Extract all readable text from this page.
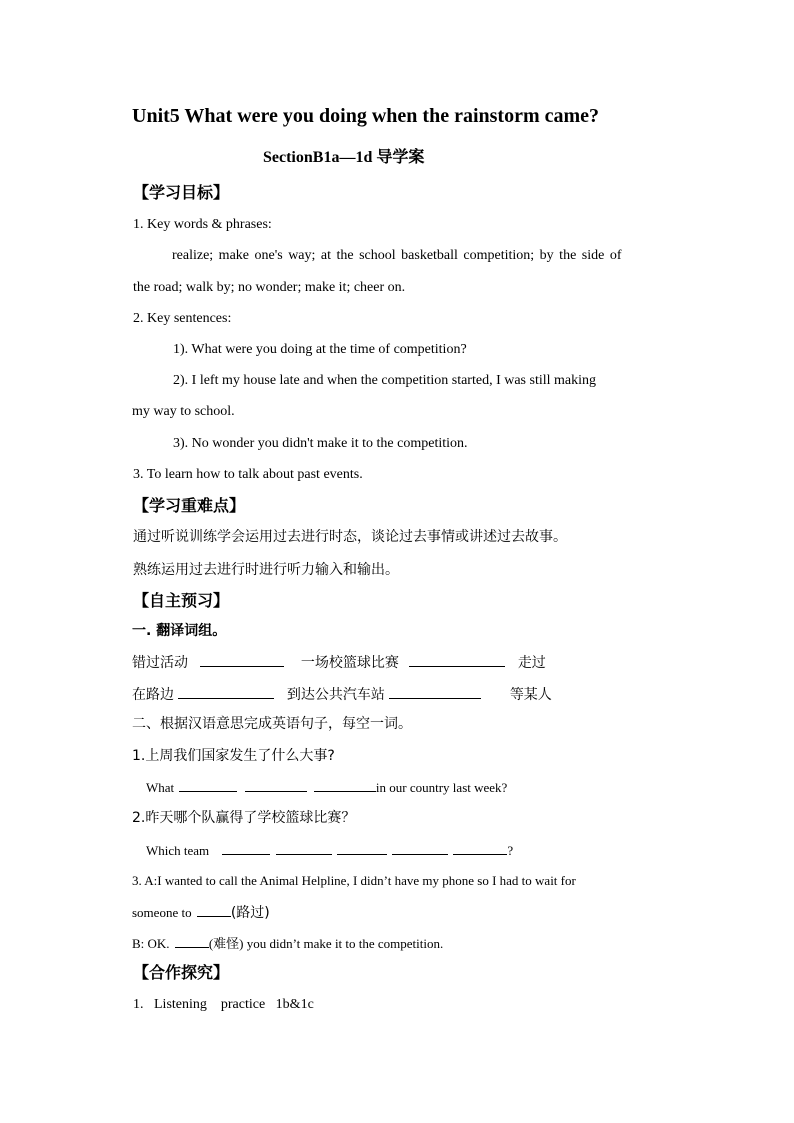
Unit5 What were you doing when the rainstorm came?
SectionB1a—1d 导学案
【学习目标】
1. Key words & phrases:
realize; make one's way; at the school basketball competition; by the side of
the road; walk by; no wonder; make it; cheer on.
2. Key sentences:
1). What were you doing at the time of competition?
2). I left my house late and when the competition started, I was still making
my way to school.
3). No wonder you didn't make it to the competition.
3. To learn how to talk about past events.
【学习重难点】
通过听说训练学会运用过去进行时态，谈论过去事情或讲述过去故事。
熟练运用过去进行时进行听力输入和输出。
【自主预习】
一. 翻译词组。
错过活动	一场校篮球比赛	走过
在路边	到达公共汽车站	等某人
二、根据汉语意思完成英语句子，每空一词。
1.上周我们国家发生了什么大事?
What	in our country last week?
2.昨天哪个队赢得了学校篮球比赛？
Which team	?
3. A:I wanted to call the Animal Helpline, I didn’t have my phone so I had to wait for
someone to	(路过)
B: OK.	(难怪) you didn’t make it to the competition.
【合作探究】
1.   Listening    practice   1b&1c
